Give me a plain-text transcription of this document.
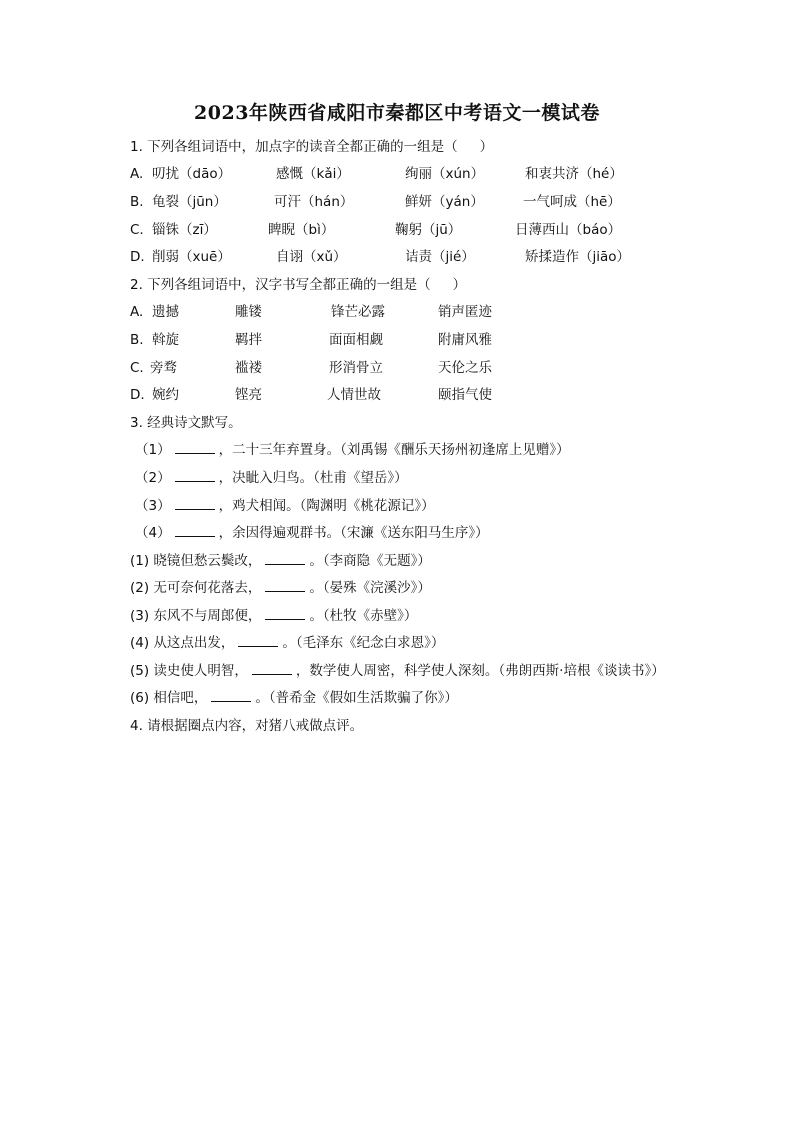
2023年陕西省咸阳市秦都区中考语文一模试卷
1. 下列各组词语中，加点字的读音全都正确的一组是（ ）
A. 叨扰（dāo）	感慨（kǎi）	绚丽（xún）	和衷共济（hé）
B. 龟裂（jūn）	可汗（hán）	鲜妍（yán）	一气呵成（hē）
C. 锱铢（zī）	睥睨（bì）	鞠躬（jū）	日薄西山（báo）
D. 削弱（xuē）	自诩（xǔ）	诘责（jié）	矫揉造作（jiāo）
2. 下列各组词语中，汉字书写全都正确的一组是（ ）
A. 遗撼	雕镂	锋芒必露	销声匿迹
B. 斡旋	羁拌	面面相觑	附庸风雅
C. 旁骛	褴褛	形消骨立	天伦之乐
D. 婉约	铿亮	人情世故	颐指气使
3. 经典诗文默写。
（1）	，二十三年弃置身。（刘禹锡《酬乐天扬州初逢席上见赠》）
（2）	，决眦入归鸟。（杜甫《望岳》）
（3）	，鸡犬相闻。（陶渊明《桃花源记》）
（4）	，余因得遍观群书。（宋濂《送东阳马生序》）
(1) 晓镜但愁云鬓改，	。（李商隐《无题》）
(2) 无可奈何花落去，	。（晏殊《浣溪沙》）
(3) 东风不与周郎便，	。（杜牧《赤壁》）
(4) 从这点出发，	。（毛泽东《纪念白求恩》）
(5) 读史使人明智，	，数学使人周密，科学使人深刻。（弗朗西斯·培根《谈读书》）
(6) 相信吧，	。（普希金《假如生活欺骗了你》）
4. 请根据圈点内容，对猪八戒做点评。
